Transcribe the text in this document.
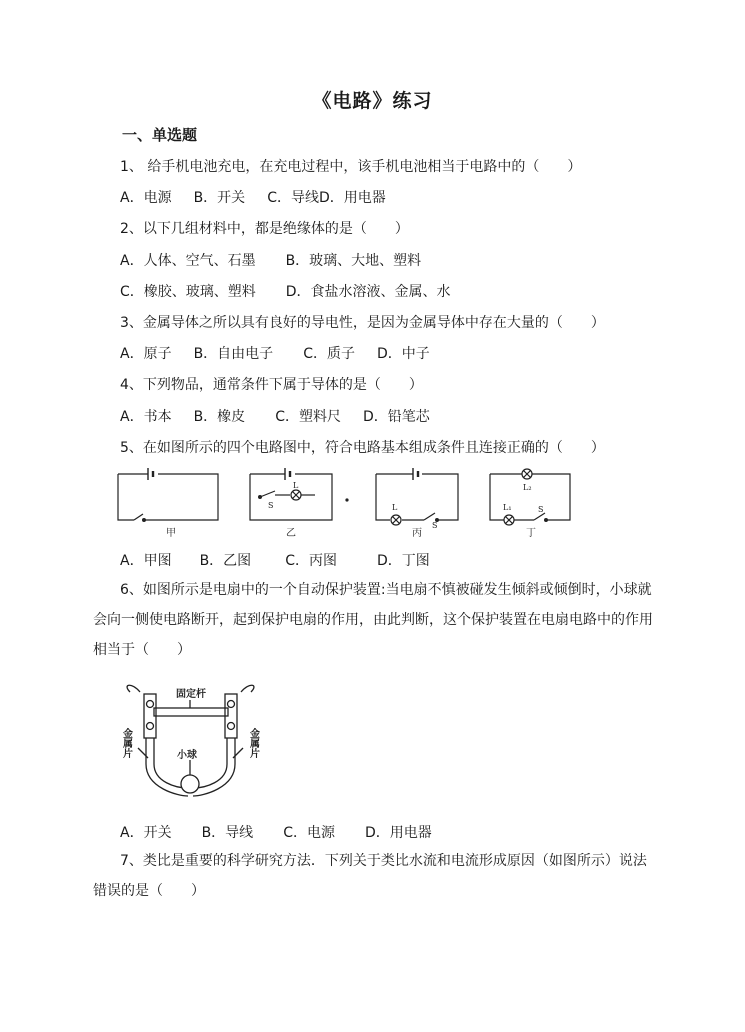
《电路》练习
一、单选题
1、 给手机电池充电，在充电过程中，该手机电池相当于电路中的（　　）
A．电源 B．开关 C．导线D．用电器
2、以下几组材料中，都是绝缘体的是（　　）
A．人体、空气、石墨 B．玻璃、大地、塑料
C．橡胶、玻璃、塑料 D．食盐水溶液、金属、水
3、金属导体之所以具有良好的导电性，是因为金属导体中存在大量的（　　）
A．原子 B．自由电子 C．质子 D．中子
4、下列物品，通常条件下属于导体的是（　　）
A．书本 B．橡皮 C．塑料尺 D．铅笔芯
5、在如图所示的四个电路图中，符合电路基本组成条件且连接正确的（　　）
甲
S
L
乙
L
S
丙
L₂
L₁	S
丁
A．甲图 B．乙图 C．丙图	D．丁图
6、如图所示是电扇中的一个自动保护装置:当电扇不慎被碰发生倾斜或倾倒时，小球就会向一侧使电路断开，起到保护电扇的作用，由此判断，这个保护装置在电扇电路中的作用相当于（　　）
固定杆
小球
金属片	金属片
A．开关 B．导线 C．电源 D．用电器
7、类比是重要的科学研究方法．下列关于类比水流和电流形成原因（如图所示）说法错误的是（　　）
